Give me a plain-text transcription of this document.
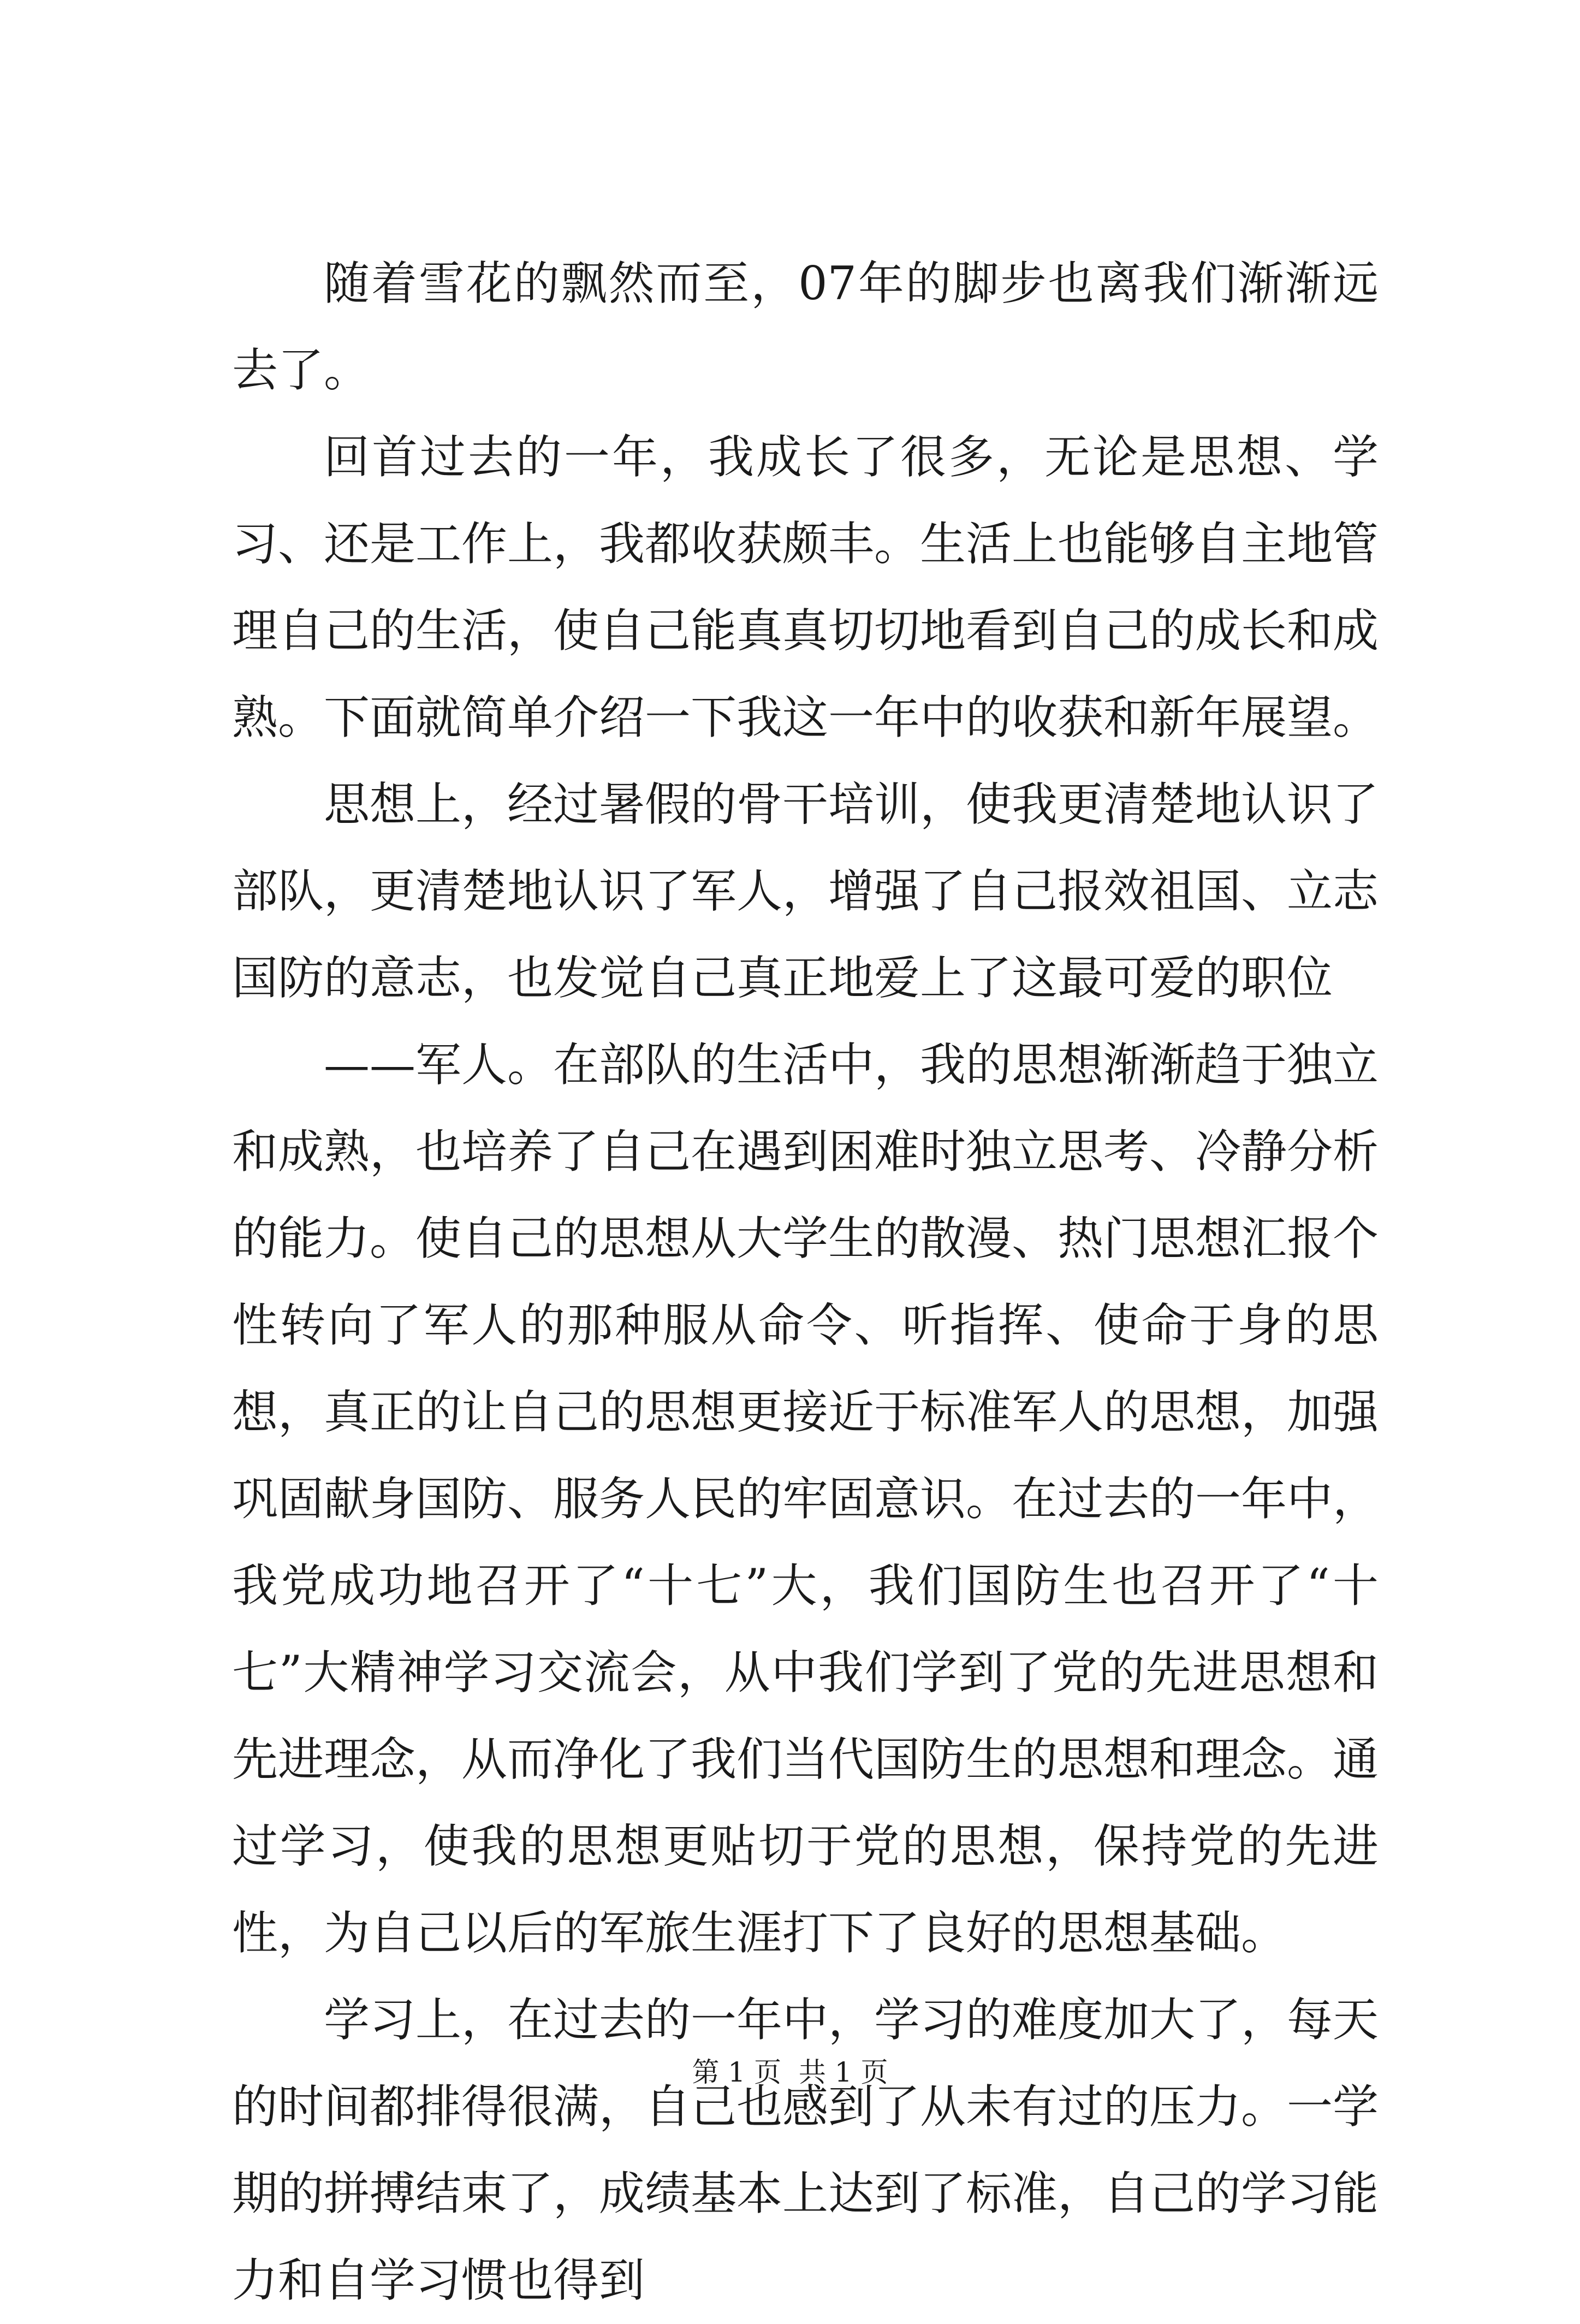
随着雪花的飘然而至，07年的脚步也离我们渐渐远去了。

回首过去的一年，我成长了很多，无论是思想、学习、还是工作上，我都收获颇丰。生活上也能够自主地管理自己的生活，使自己能真真切切地看到自己的成长和成熟。下面就简单介绍一下我这一年中的收获和新年展望。

思想上，经过暑假的骨干培训，使我更清楚地认识了部队，更清楚地认识了军人，增强了自己报效祖国、立志国防的意志，也发觉自己真正地爱上了这最可爱的职位

——军人。在部队的生活中，我的思想渐渐趋于独立和成熟，也培养了自己在遇到困难时独立思考、冷静分析的能力。使自己的思想从大学生的散漫、热门思想汇报个性转向了军人的那种服从命令、听指挥、使命于身的思想，真正的让自己的思想更接近于标准军人的思想，加强巩固献身国防、服务人民的牢固意识。在过去的一年中，我党成功地召开了“十七”大，我们国防生也召开了“十七”大精神学习交流会，从中我们学到了党的先进思想和先进理念，从而净化了我们当代国防生的思想和理念。通过学习，使我的思想更贴切于党的思想，保持党的先进性，为自己以后的军旅生涯打下了良好的思想基础。

学习上，在过去的一年中，学习的难度加大了，每天的时间都排得很满，自己也感到了从未有过的压力。一学期的拼搏结束了，成绩基本上达到了标准，自己的学习能力和自学习惯也得到

第 1 页  共 1 页
